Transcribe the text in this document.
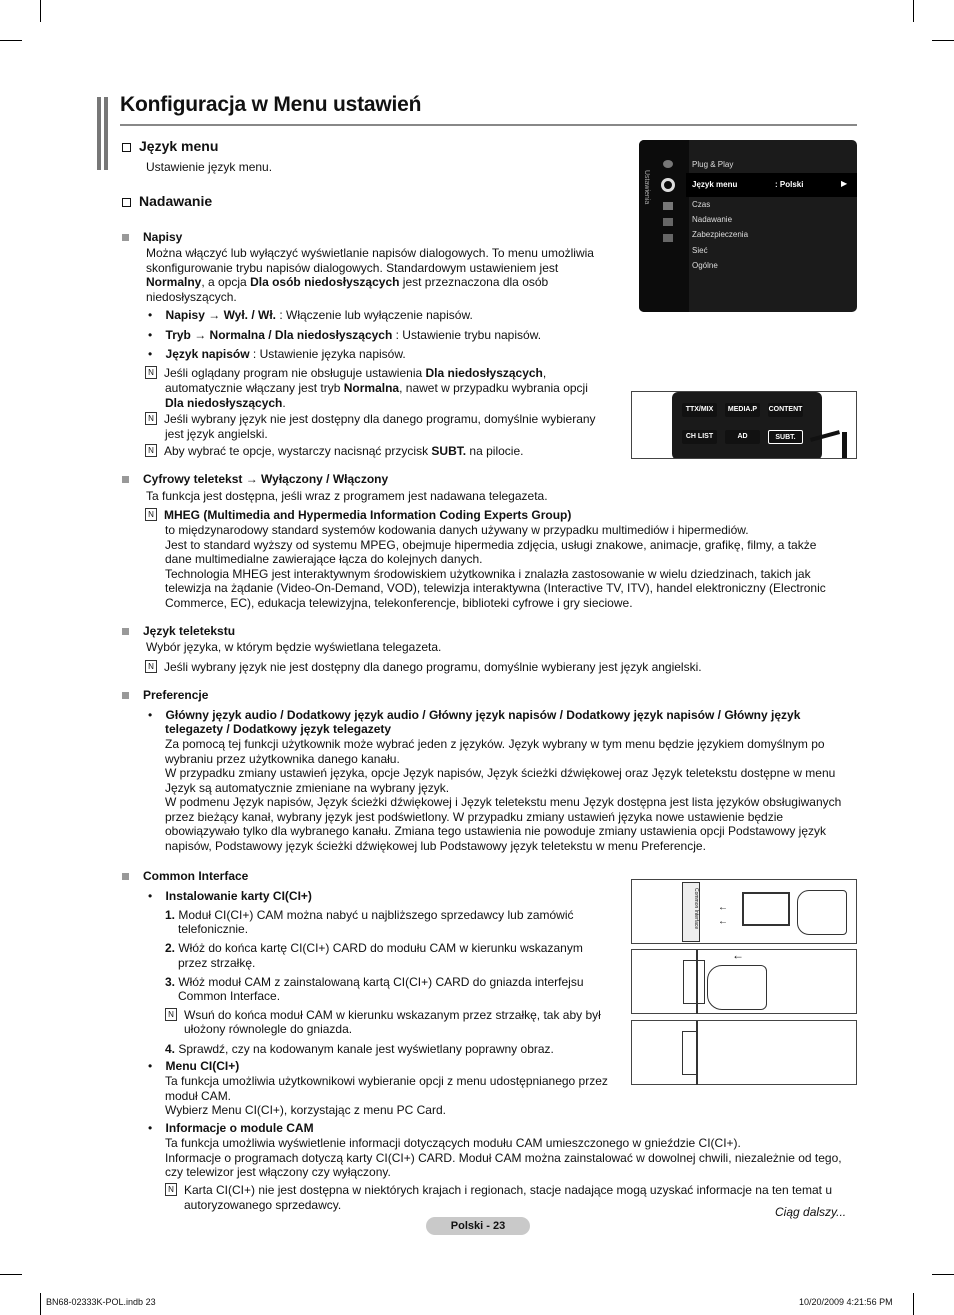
Konfiguracja w Menu ustawień
Język menu
Ustawienie język menu.
Nadawanie
Napisy
Można włączyć lub wyłączyć wyświetlanie napisów dialogowych. To menu umożliwia
skonfigurowanie trybu napisów dialogowych. Standardowym ustawieniem jest
Normalny, a opcja Dla osób niedosłyszących jest przeznaczona dla osób
niedosłyszących.
•    Napisy → Wył. / Wł. : Włączenie lub wyłączenie napisów.
•    Tryb → Normalna / Dla niedosłyszących : Ustawienie trybu napisów.
•    Język napisów : Ustawienie języka napisów.
N Jeśli oglądany program nie obsługuje ustawienia Dla niedosłyszących,
automatycznie włączany jest tryb Normalna, nawet w przypadku wybrania opcji
Dla niedosłyszących.
N Jeśli wybrany język nie jest dostępny dla danego programu, domyślnie wybierany
jest język angielski.
N Aby wybrać te opcje, wystarczy nacisnąć przycisk SUBT. na pilocie.
Cyfrowy teletekst → Wyłączony / Włączony
Ta funkcja jest dostępna, jeśli wraz z programem jest nadawana telegazeta.
N MHEG (Multimedia and Hypermedia Information Coding Experts Group)
to międzynarodowy standard systemów kodowania danych używany w przypadku multimediów i hipermediów.
Jest to standard wyższy od systemu MPEG, obejmuje hipermedia zdjęcia, usługi znakowe, animacje, grafikę, filmy, a także
dane multimedialne zawierające łącza do kolejnych danych.
Technologia MHEG jest interaktywnym środowiskiem użytkownika i znalazła zastosowanie w wielu dziedzinach, takich jak
telewizja na żądanie (Video-On-Demand, VOD), telewizja interaktywna (Interactive TV, ITV), handel elektroniczny (Electronic
Commerce, EC), edukacja telewizyjna, telekonferencje, biblioteki cyfrowe i gry sieciowe.
Język teletekstu
Wybór języka, w którym będzie wyświetlana telegazeta.
N Jeśli wybrany język nie jest dostępny dla danego programu, domyślnie wybierany jest język angielski.
Preferencje
•    Główny język audio / Dodatkowy język audio / Główny język napisów / Dodatkowy język napisów / Główny język
telegazety / Dodatkowy język telegazety
Za pomocą tej funkcji użytkownik może wybrać jeden z języków. Język wybrany w tym menu będzie językiem domyślnym po
wybraniu przez użytkownika danego kanału.
W przypadku zmiany ustawień języka, opcje Język napisów, Język ścieżki dźwiękowej oraz Język teletekstu dostępne w menu
Język są automatycznie zmieniane na wybrany język.
W podmenu Język napisów, Język ścieżki dźwiękowej i Język teletekstu menu Język dostępna jest lista języków obsługiwanych
przez bieżący kanał, wybrany język jest podświetlony. W przypadku zmiany ustawień języka nowe ustawienie będzie
obowiązywało tylko dla wybranego kanału. Zmiana tego ustawienia nie powoduje zmiany ustawienia opcji Podstawowy język
napisów, Podstawowy język ścieżki dźwiękowej lub Podstawowy język teletekstu w menu Preferencje.
Common Interface
•    Instalowanie karty CI(CI+)
1. Moduł CI(CI+) CAM można nabyć u najbliższego sprzedawcy lub zamówić
telefonicznie.
2. Włóż do końca kartę CI(CI+) CARD do modułu CAM w kierunku wskazanym
przez strzałkę.
3. Włóż moduł CAM z zainstalowaną kartą CI(CI+) CARD do gniazda interfejsu
Common Interface.
N Wsuń do końca moduł CAM w kierunku wskazanym przez strzałkę, tak aby był
ułożony równolegle do gniazda.
4. Sprawdź, czy na kodowanym kanale jest wyświetlany poprawny obraz.
•    Menu CI(CI+)
Ta funkcja umożliwia użytkownikowi wybieranie opcji z menu udostępnianego przez
moduł CAM.
Wybierz Menu CI(CI+), korzystając z menu PC Card.
•    Informacje o module CAM
Ta funkcja umożliwia wyświetlenie informacji dotyczących modułu CAM umieszczonego w gnieździe CI(CI+).
Informacje o programach dotyczą karty CI(CI+) CARD. Moduł CAM można zainstalować w dowolnej chwili, niezależnie od tego,
czy telewizor jest włączony czy wyłączony.
N Karta CI(CI+) nie jest dostępna w niektórych krajach i regionach, stacje nadające mogą uzyskać informacje na ten temat u
autoryzowanego sprzedawcy.
Ustawienia
Plug & Play
Język menu	: Polski	▶
Czas
Nadawanie
Zabezpieczenia
Sieć
Ogólne
TTX/MIX	MEDIA.P	CONTENT
CH LIST	AD	SUBT.
Common Interface ←
←
←
Ciąg dalszy...
Polski - 23
BN68-02333K-POL.indb 23	10/20/2009 4:21:56 PM
